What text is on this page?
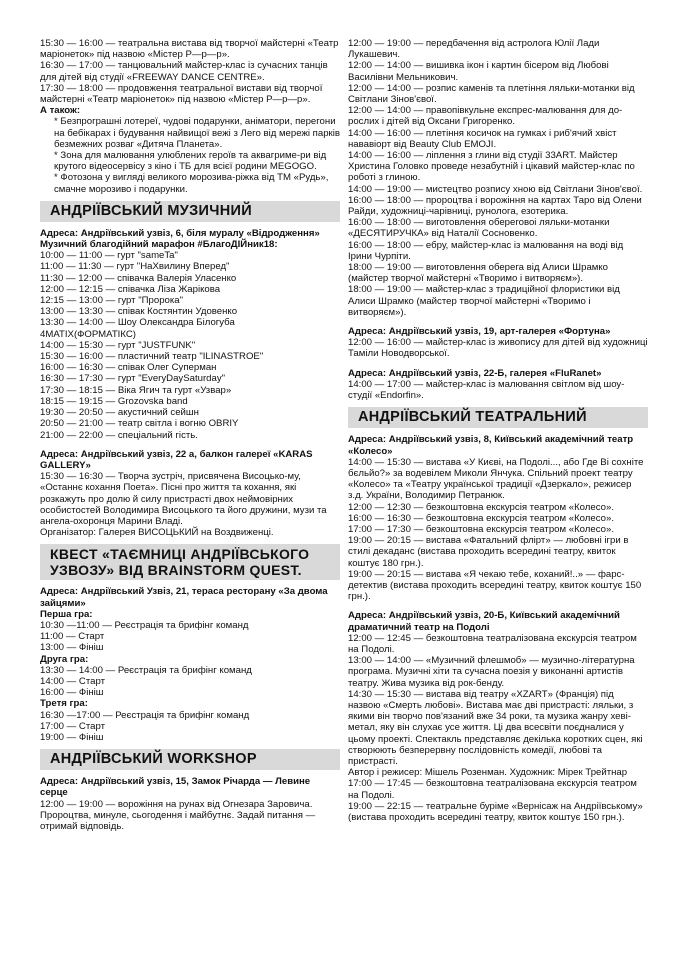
15:30 — 16:00 — театральна вистава від творчої майстерні «Театр маріонеток» під назвою «Містер Р—р—р».
16:30 — 17:00 — танцювальний майстер-клас із сучасних танців для дітей від студії «FREEWAY DANCE CENTRE».
17:30 — 18:00 — продовження театральної вистави від творчої майстерні «Театр маріонеток» під назвою «Містер Р—р—р».
А також:
* Безпрограшні лотереї, чудові подарунки, аніматори, перегони на бебікарах і будування найвищої вежі з Лего від мережі парків безмежних розваг «Дитяча Планета».
* Зона для малювання улюблених героїв та аквагриме-ри від крутого відеосервісу з кіно і ТБ для всієї родини MEGOGO.
* Фотозона у вигляді великого морозива-ріжка від ТМ «Рудь», смачне морозиво і подарунки.
АНДРІЇВСЬКИЙ МУЗИЧНИЙ
Адреса: Андріївський узвіз, 6, біля муралу «Відродження»
Музичний благодійний марафон #БлагоДІЙник18:
10:00 — 11:00 — гурт "sameTa"
11:00 — 11:30 — гурт "НаХвилину Вперед"
11:30 — 12:00 — співачка Валерія Уласенко
12:00 — 12:15 — співачка Ліза Жарікова
12:15 — 13:00 — гурт "Пророка"
13:00 — 13:30 — співак Костянтин Удовенко
13:30 — 14:00 — Шоу Олександра Білогуба
4MATIX(ФОРМАТІКС)
14:00 — 15:30 — гурт "JUSTFUNK"
15:30 — 16:00 — пластичний театр "ILINASTROE"
16:00 — 16:30 — співак Олег Суперман
16:30 — 17:30 — гурт "EveryDaySaturday"
17:30 — 18:15 — Віка Ягич та гурт «Узвар»
18:15 — 19:15 — Grozovska band
19:30 — 20:50 — акустичний сейшн
20:50 — 21:00 — театр світла і вогню OBRIY
21:00 — 22:00 — спеціальний гість.
Адреса: Андріївський узвіз, 22 а, балкон галереї «KARAS GALLERY»
15:30 — 16:30 — Творча зустріч, присвячена Висоцько-му, «Останнє кохання Поета». Пісні про життя та кохання, які розкажуть про долю й силу пристрасті двох неймовірних особистостей Володимира Висоцького та його дружини, музи та ангела-охоронця Марини Владі.
Організатор: Галерея ВИСОЦЬКИЙ на Воздвиженці.
КВЕСТ «ТАЄМНИЦІ АНДРІЇВСЬКОГО
УЗВОЗУ» ВІД BRAINSTORM QUEST.
Адреса: Андріївський Узвіз, 21, тераса ресторану «За двома зайцями»
Перша гра:
10:30 —11:00 — Реєстрація та брифінг команд
11:00 — Старт
13:00 — Фініш
Друга гра:
13:30 — 14:00 — Реєстрація та брифінг команд
14:00 — Старт
16:00 — Фініш
Третя гра:
16:30 —17:00 — Реєстрація та брифінг команд
17:00 — Старт
19:00 — Фініш
АНДРІЇВСЬКИЙ WORKSHOP
Адреса: Андріївський узвіз, 15, Замок Річарда — Левине серце
12:00 — 19:00 — ворожіння на рунах від Огнезара Заровича. Пророцтва, минуле, сьогодення і майбутнє. Задай питання — отримай відповідь.
12:00 — 19:00 — передбачення від астролога Юлії Лади Лукашевич.
12:00 — 14:00 — вишивка ікон і картин бісером від Любові Василівни Мельникович.
12:00 — 14:00 — розпис каменів та плетіння ляльки-мотанки від Світлани Зінов'євої.
12:00 — 14:00 — правопівкульне експрес-малювання для до-рослих і дітей від Оксани Григоренко.
14:00 — 16:00 — плетіння косичок на гумках і риб'ячий хвіст нававіорт від Beauty Club EMOJI.
14:00 — 16:00 — ліплення з глини від студії 33ART. Майстер Христина Головко проведе незабутній і цікавий майстер-клас по роботі з глиною.
14:00 — 19:00 — мистецтво розпису хною від Світлани Зінов'євої.
16:00 — 18:00 — пророцтва і ворожіння на картах Таро від Олени Райди, художниці-чарівниці, рунолога, езотерика.
16:00 — 18:00 — виготовлення обереговоі ляльки-мотанки «ДЕСЯТИРУЧКА» від Наталії Сосновенко.
16:00 — 18:00 — ебру, майстер-клас із малювання на воді від Ірини Чурпіти.
18:00 — 19:00 — виготовлення оберега від Алиси Шрамко (майстер творчої майстерні «Творимо і витворяєм»).
18:00 — 19:00 — майстер-клас з традиційної флористики від Алиси Шрамко (майстер творчої майстерні «Творимо і витворяєм»).
Адреса: Андріївський узвіз, 19, арт-галерея «Фортуна»
12:00 — 16:00 — майстер-клас із живопису для дітей від художниці Таміли Новодворської.
Адреса: Андріївський узвіз, 22-Б, галерея «FluRanet»
14:00 — 17:00 — майстер-клас із малювання світлом від шоу-студії «Endorfin».
АНДРІЇВСЬКИЙ ТЕАТРАЛЬНИЙ
Адреса: Андріївський узвіз, 8, Київський академічний театр «Колесо»
14:00 — 15:30 — вистава «У Києві, на Подолі..., або Где Ві сохніте бєльйо?» за водевілем Миколи Янчука. Спільний проект театру «Колесо» та «Театру української традиції «Дзеркало», режисер з.д. України, Володимир Петранюк.
12:00 — 12:30 — безкоштовна екскурсія театром «Колесо».
16:00 — 16:30 — безкоштовна екскурсія театром «Колесо».
17:00 — 17:30 — безкоштовна екскурсія театром «Колесо».
19:00 — 20:15 — вистава «Фатальний флірт» — любовні ігри в стилі декаданс (вистава проходить всередині театру, квиток коштує 180 грн.).
19:00 — 20:15 — вистава «Я чекаю тебе, коханий!..» — фарс-детектив (вистава проходить всередині театру, квиток коштує 150 грн.).
Адреса: Андріївський узвіз, 20-Б, Київський академічний драматичний театр на Подолі
12:00 — 12:45 — безкоштовна театралізована екскурсія театром на Подолі.
13:00 — 14:00 — «Музичний флешмоб» — музично-літературна програма. Музичні хіти та сучасна поезія у виконанні артистів театру. Жива музика від рок-бенду.
14:30 — 15:30 — вистава від театру «XZART» (Франція) під назвою «Смерть любові». Вистава має дві пристрасті: ляльки, з якими він творчо пов'язаний вже 34 роки, та музика жанру хеві-метал, яку він слухає усе життя. Ці два всесвіти поєдналися у цьому проекті. Спектакль представляє декілька коротких сцен, які створюють безперервну послідовність комедії, любові та пристрасті.
Автор і режисер: Мішель Розенман. Художник: Мірек Трейтнар
17:00 — 17:45 — безкоштовна театралізована екскурсія театром на Подолі.
19:00 — 22:15 — театральне буріме «Вернісаж на Андріївському» (вистава проходить всередині театру, квиток коштує 150 грн.).
